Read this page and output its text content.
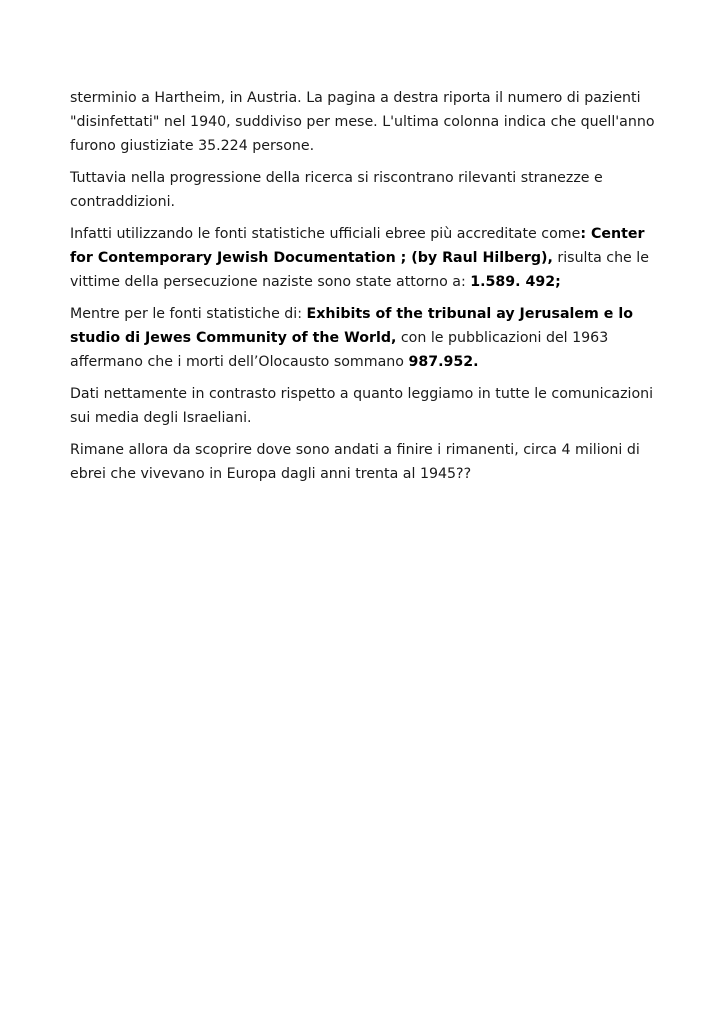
sterminio a Hartheim, in Austria. La pagina a destra riporta il numero di pazienti "disinfettati" nel 1940, suddiviso per mese. L'ultima colonna indica che quell'anno furono giustiziate 35.224 persone.

Tuttavia nella progressione della ricerca si riscontrano rilevanti stranezze e contraddizioni.

Infatti utilizzando le fonti statistiche ufficiali ebree più accreditate come: Center for Contemporary Jewish Documentation ; (by Raul Hilberg), risulta che le vittime della persecuzione naziste sono state attorno a: 1.589. 492;

Mentre per le fonti statistiche di: Exhibits of the tribunal ay Jerusalem e lo studio di Jewes Community of the World, con le pubblicazioni del 1963 affermano che i morti dell’Olocausto sommano 987.952.

Dati nettamente in contrasto rispetto a quanto leggiamo in tutte le comunicazioni sui media degli Israeliani.

Rimane allora da scoprire dove sono andati a finire i rimanenti, circa 4 milioni di ebrei che vivevano in Europa dagli anni trenta al 1945??
